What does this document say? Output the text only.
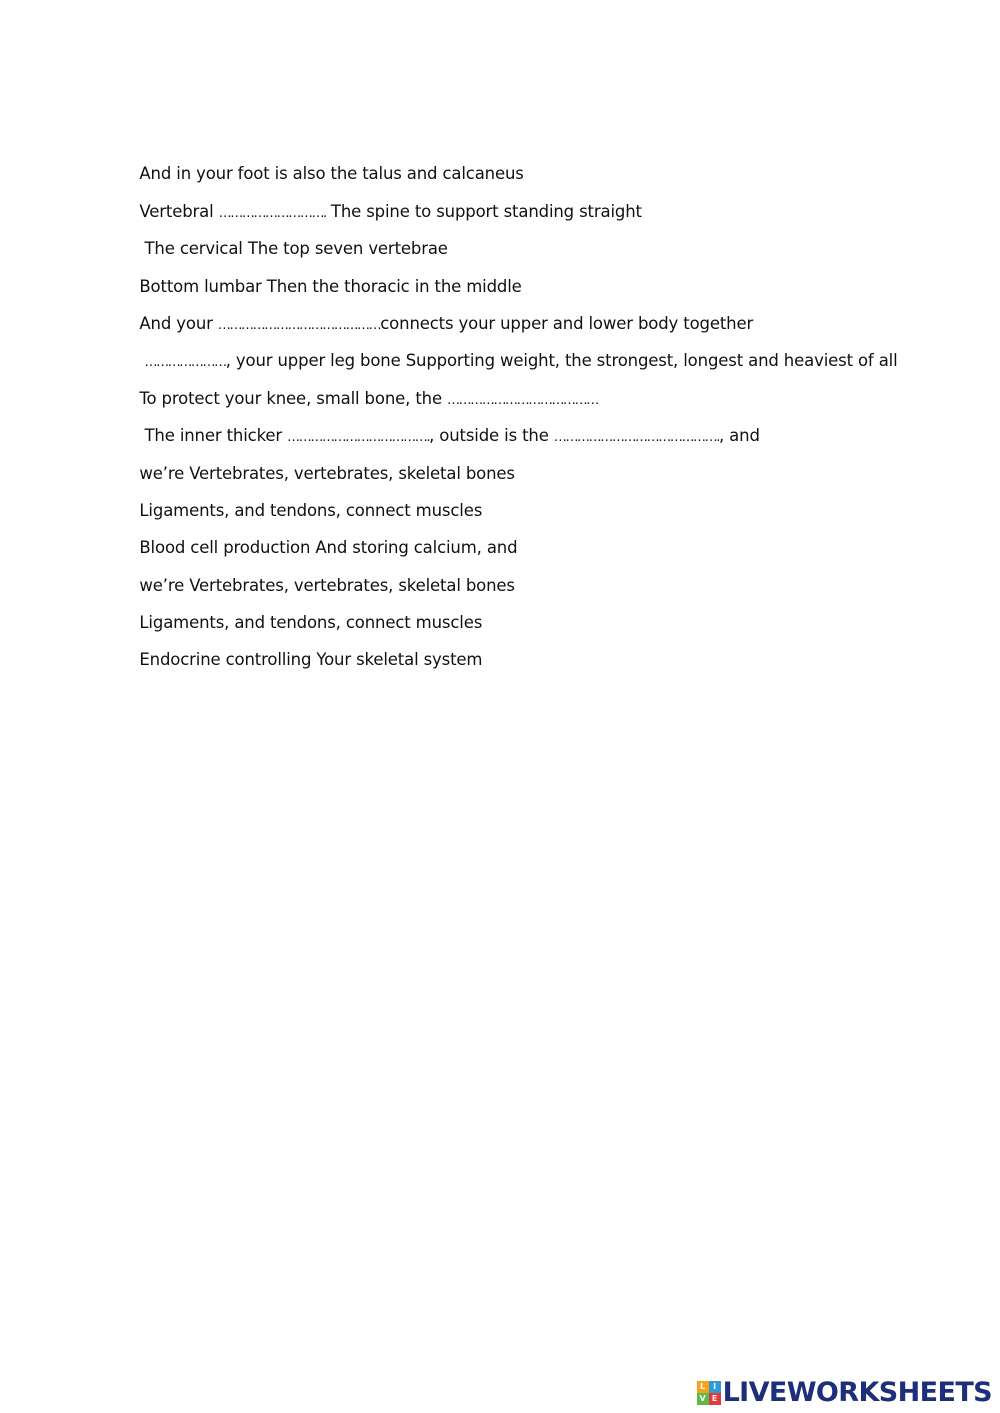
And in your foot is also the talus and calcaneus

Vertebral ………………………. The spine to support standing straight

The cervical The top seven vertebrae

Bottom lumbar Then the thoracic in the middle

And your ……………………………………connects your upper and lower body together

…………………, your upper leg bone Supporting weight, the strongest, longest and heaviest of all

To protect your knee, small bone, the …………………………………

The inner thicker ………………………………., outside is the ……………………………………., and

we’re Vertebrates, vertebrates, skeletal bones

Ligaments, and tendons, connect muscles

Blood cell production And storing calcium, and

we’re Vertebrates, vertebrates, skeletal bones

Ligaments, and tendons, connect muscles

Endocrine controlling Your skeletal system

L I
V E LIVEWORKSHEETS
